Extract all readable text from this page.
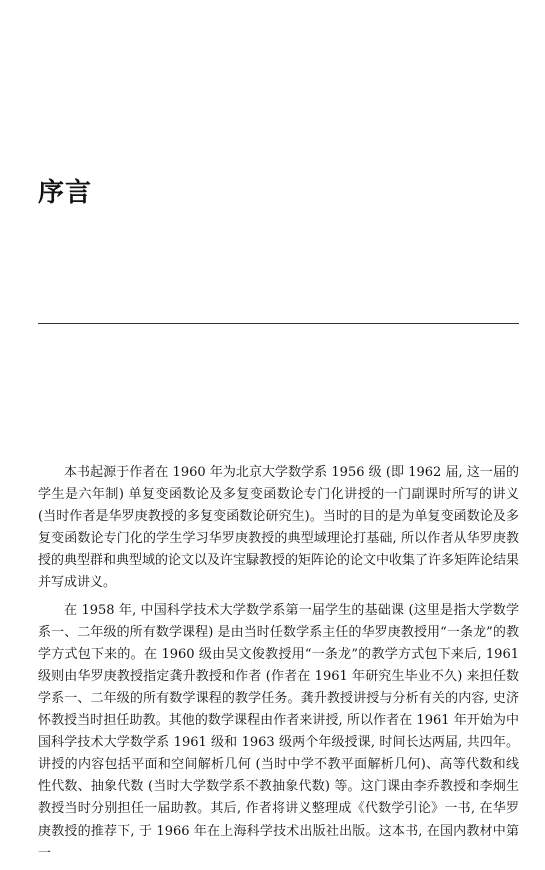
序言

本书起源于作者在 1960 年为北京大学数学系 1956 级 (即 1962 届, 这一届的学生是六年制) 单复变函数论及多复变函数论专门化讲授的一门副课时所写的讲义 (当时作者是华罗庚教授的多复变函数论研究生)。当时的目的是为单复变函数论及多复变函数论专门化的学生学习华罗庚教授的典型域理论打基础, 所以作者从华罗庚教授的典型群和典型域的论文以及许宝騄教授的矩阵论的论文中收集了许多矩阵论结果并写成讲义。

在 1958 年, 中国科学技术大学数学系第一届学生的基础课 (这里是指大学数学系一、二年级的所有数学课程) 是由当时任数学系主任的华罗庚教授用“一条龙”的教学方式包下来的。在 1960 级由吴文俊教授用“一条龙”的教学方式包下来后, 1961 级则由华罗庚教授指定龚升教授和作者 (作者在 1961 年研究生毕业不久) 来担任数学系一、二年级的所有数学课程的教学任务。龚升教授讲授与分析有关的内容, 史济怀教授当时担任助教。其他的数学课程由作者来讲授, 所以作者在 1961 年开始为中国科学技术大学数学系 1961 级和 1963 级两个年级授课, 时间长达两届, 共四年。讲授的内容包括平面和空间解析几何 (当时中学不教平面解析几何)、高等代数和线性代数、抽象代数 (当时大学数学系不教抽象代数) 等。这门课由李乔教授和李炯生教授当时分别担任一届助教。其后, 作者将讲义整理成《代数学引论》一书, 在华罗庚教授的推荐下, 于 1966 年在上海科学技术出版社出版。这本书, 在国内教材中第一
